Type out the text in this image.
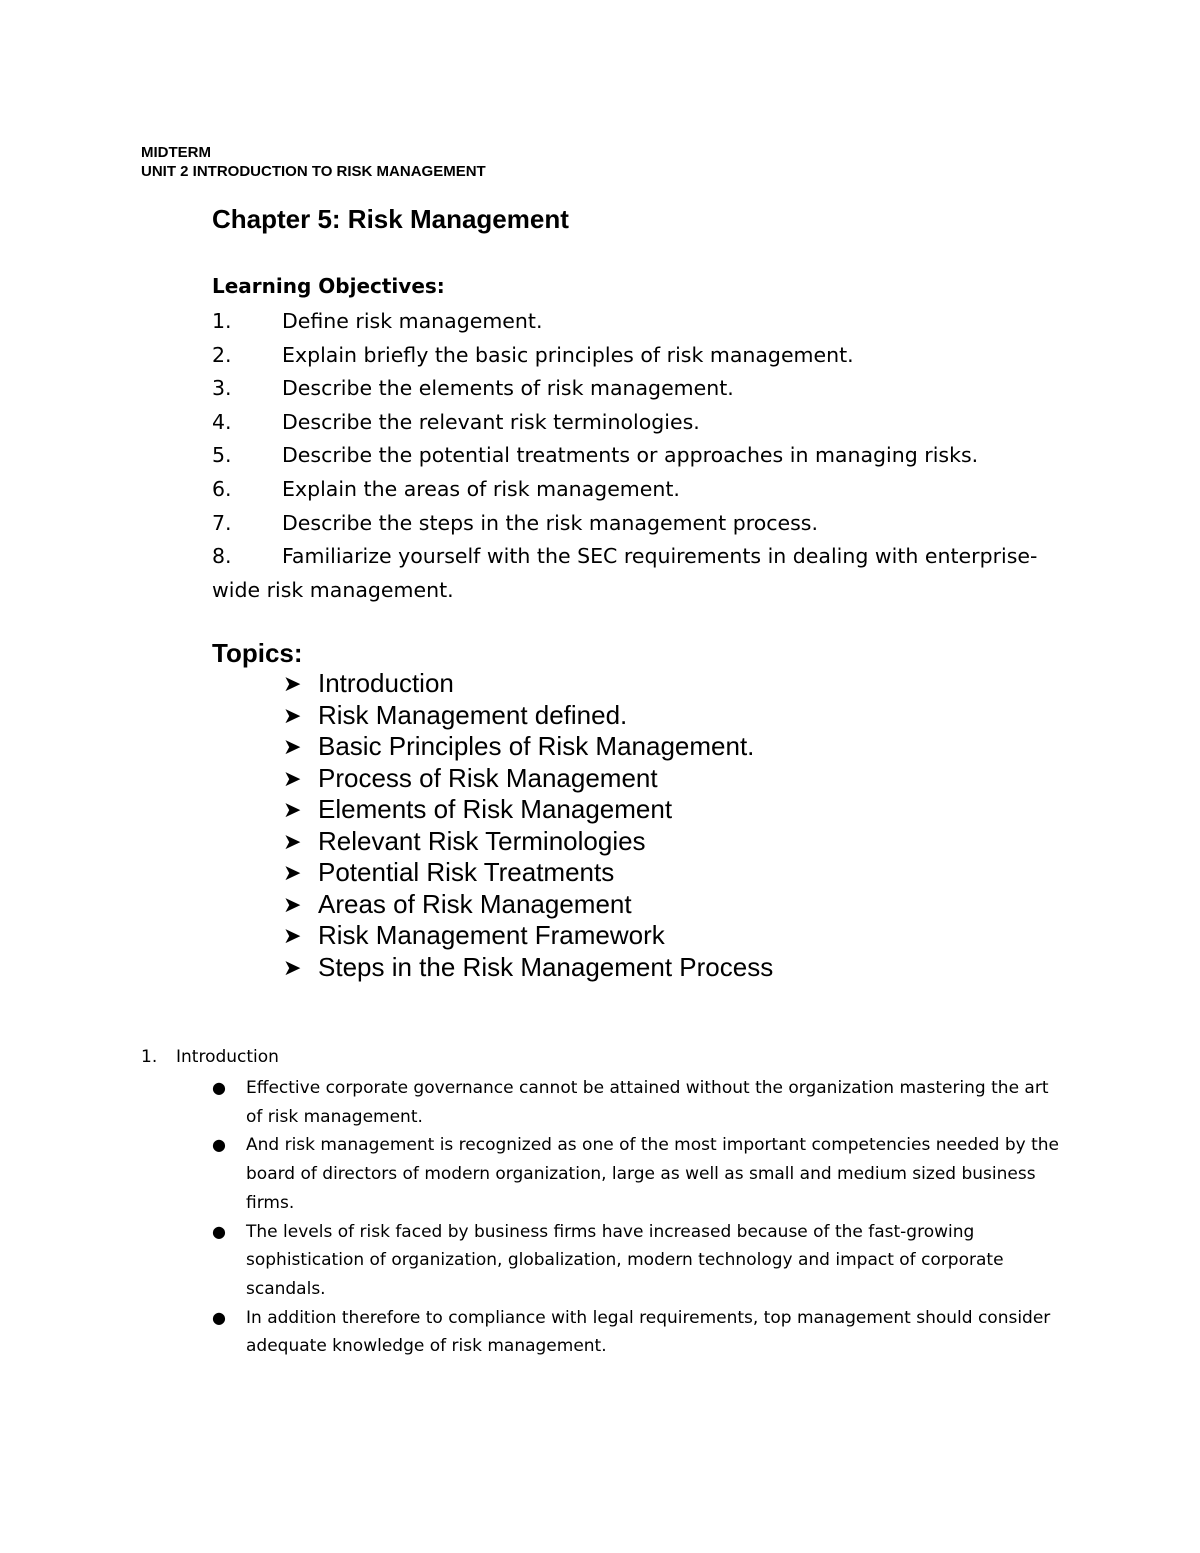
MIDTERM

UNIT 2 INTRODUCTION TO RISK MANAGEMENT

Chapter 5: Risk Management
Learning Objectives:
1. Define risk management.
2. Explain briefly the basic principles of risk management.
3. Describe the elements of risk management.
4. Describe the relevant risk terminologies.
5. Describe the potential treatments or approaches in managing risks.
6. Explain the areas of risk management.
7. Describe the steps in the risk management process.
8. Familiarize yourself with the SEC requirements in dealing with enterprise-wide risk management.
Topics:
➤ Introduction
➤ Risk Management defined.
➤ Basic Principles of Risk Management.
➤ Process of Risk Management
➤ Elements of Risk Management
➤ Relevant Risk Terminologies
➤ Potential Risk Treatments
➤ Areas of Risk Management
➤ Risk Management Framework
➤ Steps in the Risk Management Process

1. Introduction

● Effective corporate governance cannot be attained without the organization mastering the art of risk management.
● And risk management is recognized as one of the most important competencies needed by the board of directors of modern organization, large as well as small and medium sized business firms.
● The levels of risk faced by business firms have increased because of the fast-growing sophistication of organization, globalization, modern technology and impact of corporate scandals.
● In addition therefore to compliance with legal requirements, top management should consider adequate knowledge of risk management.
